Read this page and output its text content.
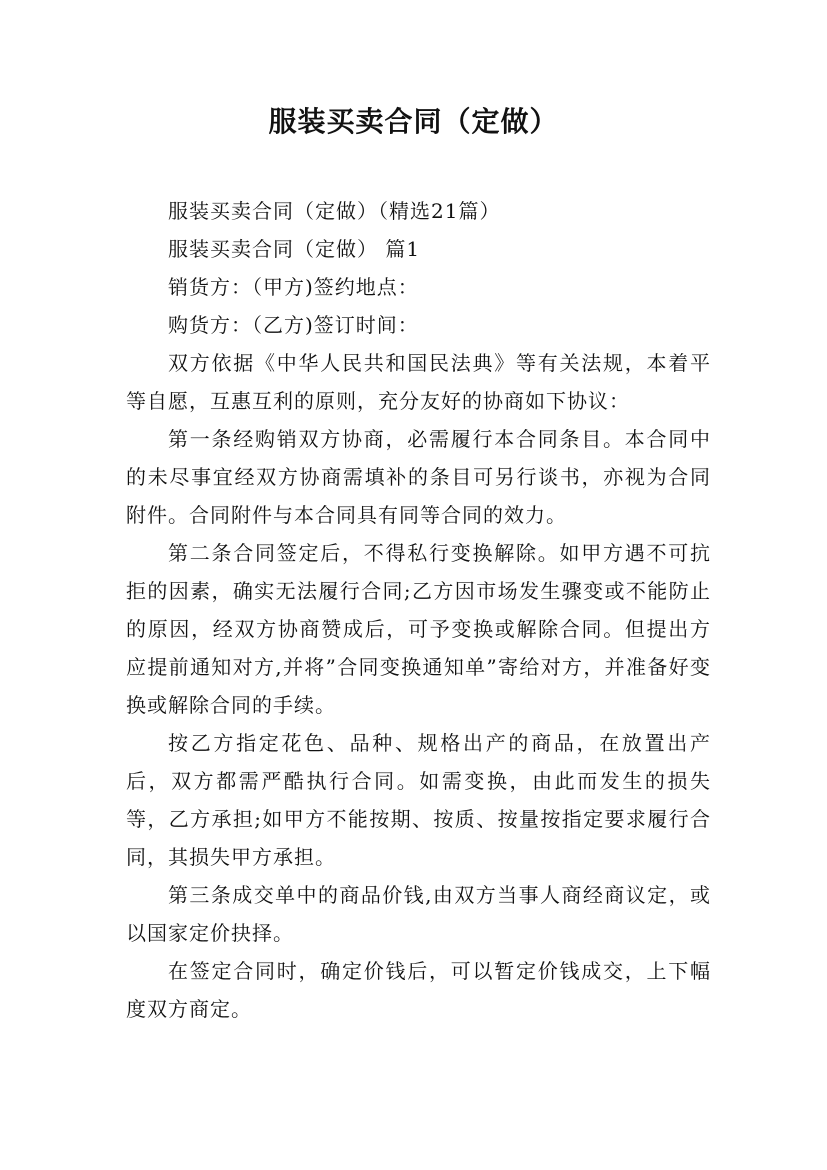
服装买卖合同（定做）

服装买卖合同（定做）（精选21篇）

服装买卖合同（定做） 篇1

销货方：（甲方)签约地点：

购货方：（乙方)签订时间：

双方依据《中华人民共和国民法典》等有关法规，本着平等自愿，互惠互利的原则，充分友好的协商如下协议：

第一条经购销双方协商，必需履行本合同条目。本合同中的未尽事宜经双方协商需填补的条目可另行谈书，亦视为合同附件。合同附件与本合同具有同等合同的效力。

第二条合同签定后，不得私行变换解除。如甲方遇不可抗拒的因素，确实无法履行合同;乙方因市场发生骤变或不能防止的原因，经双方协商赞成后，可予变换或解除合同。但提出方应提前通知对方,并将”合同变换通知单”寄给对方，并准备好变换或解除合同的手续。

按乙方指定花色、品种、规格出产的商品，在放置出产后，双方都需严酷执行合同。如需变换，由此而发生的损失等，乙方承担;如甲方不能按期、按质、按量按指定要求履行合同，其损失甲方承担。

第三条成交单中的商品价钱,由双方当事人商经商议定，或以国家定价抉择。

在签定合同时，确定价钱后，可以暂定价钱成交，上下幅度双方商定。
